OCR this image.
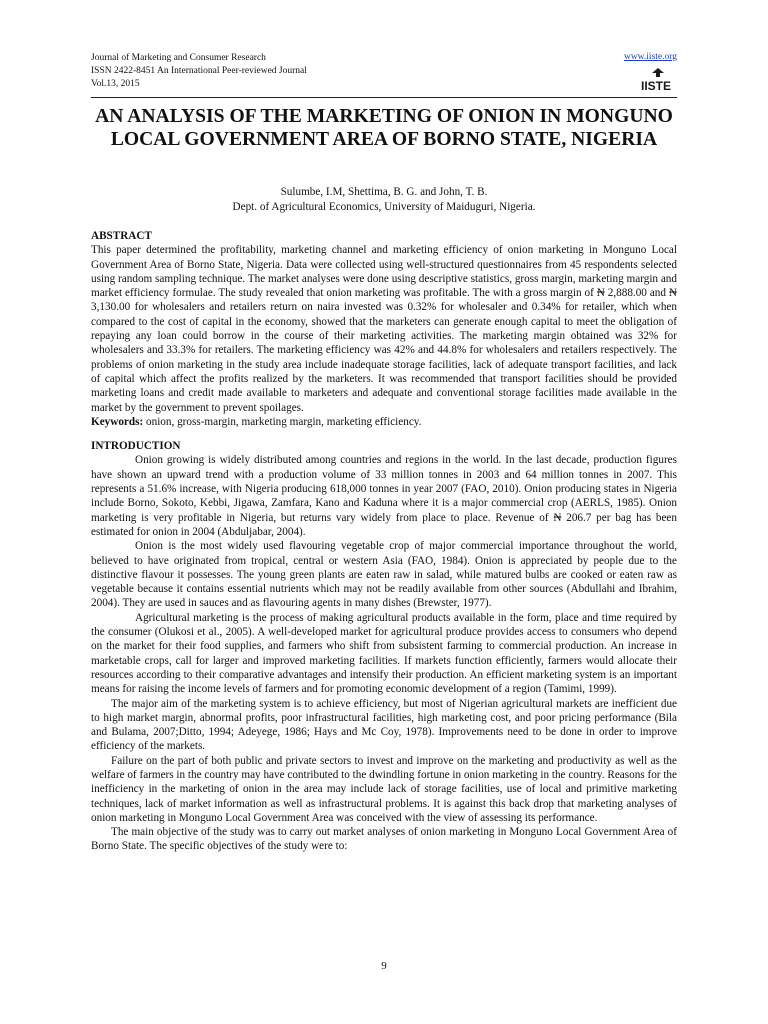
Journal of Marketing and Consumer Research
ISSN 2422-8451 An International Peer-reviewed Journal
Vol.13, 2015
www.iiste.org
IISTE
AN ANALYSIS OF THE MARKETING OF ONION IN MONGUNO LOCAL GOVERNMENT AREA OF BORNO STATE, NIGERIA
Sulumbe, I.M, Shettima, B. G. and John, T. B.
Dept. of Agricultural Economics, University of Maiduguri, Nigeria.

ABSTRACT

This paper determined the profitability, marketing channel and marketing efficiency of onion marketing in Monguno Local Government Area of Borno State, Nigeria. Data were collected using well-structured questionnaires from 45 respondents selected using random sampling technique. The market analyses were done using descriptive statistics, gross margin, marketing margin and market efficiency formulae. The study revealed that onion marketing was profitable. The with a gross margin of ₦ 2,888.00 and ₦ 3,130.00 for wholesalers and retailers return on naira invested was 0.32% for wholesaler and 0.34% for retailer, which when compared to the cost of capital in the economy, showed that the marketers can generate enough capital to meet the obligation of repaying any loan could borrow in the course of their marketing activities. The marketing margin obtained was 32% for wholesalers and 33.3% for retailers. The marketing efficiency was 42% and 44.8% for wholesalers and retailers respectively. The problems of onion marketing in the study area include inadequate storage facilities, lack of adequate transport facilities, and lack of capital which affect the profits realized by the marketers. It was recommended that transport facilities should be provided marketing loans and credit made available to marketers and adequate and conventional storage facilities made available in the market by the government to prevent spoilages.

Keywords: onion, gross-margin, marketing margin, marketing efficiency.

INTRODUCTION

Onion growing is widely distributed among countries and regions in the world. In the last decade, production figures have shown an upward trend with a production volume of 33 million tonnes in 2003 and 64 million tonnes in 2007. This represents a 51.6% increase, with Nigeria producing 618,000 tonnes in year 2007 (FAO, 2010). Onion producing states in Nigeria include Borno, Sokoto, Kebbi, Jigawa, Zamfara, Kano and Kaduna where it is a major commercial crop (AERLS, 1985). Onion marketing is very profitable in Nigeria, but returns vary widely from place to place. Revenue of ₦ 206.7 per bag has been estimated for onion in 2004 (Abduljabar, 2004).

Onion is the most widely used flavouring vegetable crop of major commercial importance throughout the world, believed to have originated from tropical, central or western Asia (FAO, 1984). Onion is appreciated by people due to the distinctive flavour it possesses. The young green plants are eaten raw in salad, while matured bulbs are cooked or eaten raw as vegetable because it contains essential nutrients which may not be readily available from other sources (Abdullahi and Ibrahim, 2004). They are used in sauces and as flavouring agents in many dishes (Brewster, 1977).

Agricultural marketing is the process of making agricultural products available in the form, place and time required by the consumer (Olukosi et al., 2005). A well-developed market for agricultural produce provides access to consumers who depend on the market for their food supplies, and farmers who shift from subsistent farming to commercial production. An increase in marketable crops, call for larger and improved marketing facilities. If markets function efficiently, farmers would allocate their resources according to their comparative advantages and intensify their production. An efficient marketing system is an important means for raising the income levels of farmers and for promoting economic development of a region (Tamimi, 1999).

The major aim of the marketing system is to achieve efficiency, but most of Nigerian agricultural markets are inefficient due to high market margin, abnormal profits, poor infrastructural facilities, high marketing cost, and poor pricing performance (Bila and Bulama, 2007;Ditto, 1994; Adeyege, 1986; Hays and Mc Coy, 1978). Improvements need to be done in order to improve efficiency of the markets.

Failure on the part of both public and private sectors to invest and improve on the marketing and productivity as well as the welfare of farmers in the country may have contributed to the dwindling fortune in onion marketing in the country. Reasons for the inefficiency in the marketing of onion in the area may include lack of storage facilities, use of local and primitive marketing techniques, lack of market information as well as infrastructural problems. It is against this back drop that marketing analyses of onion marketing in Monguno Local Government Area was conceived with the view of assessing its performance.

The main objective of the study was to carry out market analyses of onion marketing in Monguno Local Government Area of Borno State. The specific objectives of the study were to:

9
